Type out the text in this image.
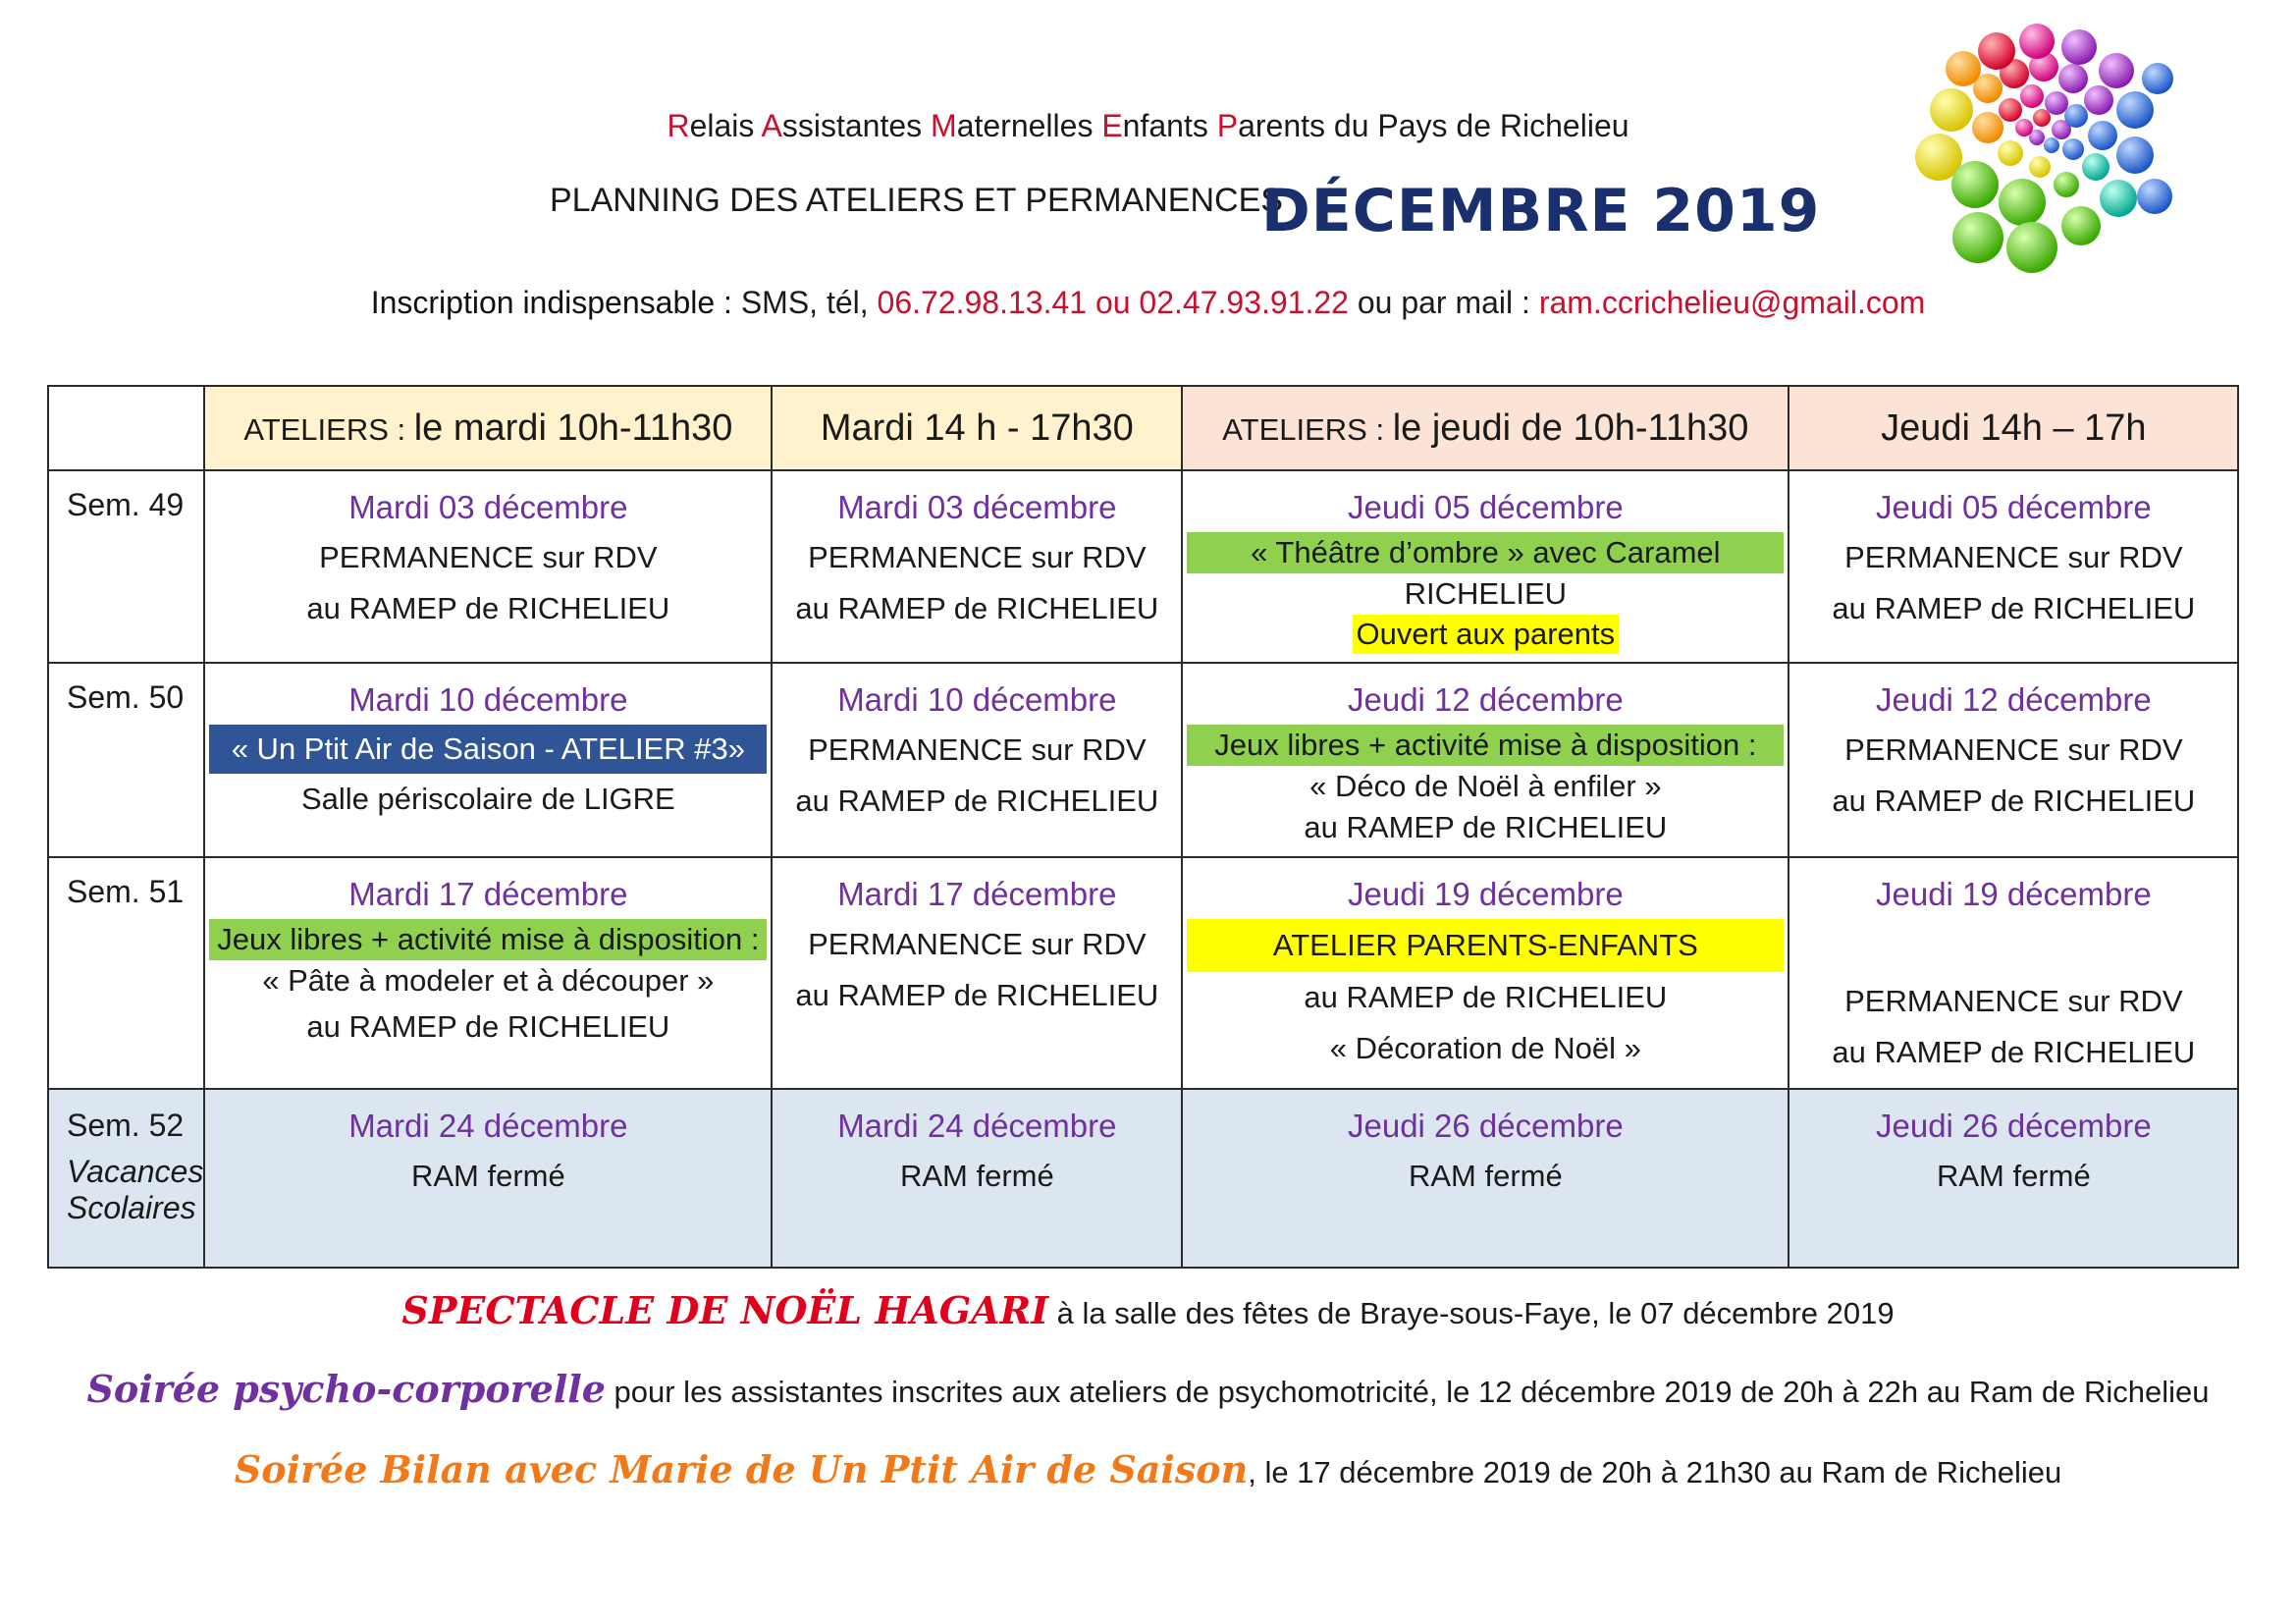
Relais Assistantes Maternelles Enfants Parents du Pays de Richelieu
PLANNING DES ATELIERS ET PERMANENCES
DÉCEMBRE 2019
Inscription indispensable : SMS, tél, 06.72.98.13.41 ou 02.47.93.91.22 ou par mail : ram.ccrichelieu@gmail.com
	ATELIERS : le mardi 10h-11h30	Mardi 14 h - 17h30	ATELIERS : le jeudi de 10h-11h30	Jeudi 14h – 17h
Sem. 49	Mardi 03 décembre
PERMANENCE sur RDV
au RAMEP de RICHELIEU	Mardi 03 décembre
PERMANENCE sur RDV
au RAMEP de RICHELIEU	Jeudi 05 décembre
« Théâtre d’ombre » avec Caramel
RICHELIEU
Ouvert aux parents	Jeudi 05 décembre
PERMANENCE sur RDV
au RAMEP de RICHELIEU

Sem. 50	Mardi 10 décembre
« Un Ptit Air de Saison - ATELIER #3»
Salle périscolaire de LIGRE	Mardi 10 décembre
PERMANENCE sur RDV
au RAMEP de RICHELIEU	Jeudi 12 décembre
Jeux libres + activité mise à disposition :
« Déco de Noël à enfiler »
au RAMEP de RICHELIEU	Jeudi 12 décembre
PERMANENCE sur RDV
au RAMEP de RICHELIEU

Sem. 51	Mardi 17 décembre
Jeux libres + activité mise à disposition :
« Pâte à modeler et à découper »
au RAMEP de RICHELIEU	Mardi 17 décembre
PERMANENCE sur RDV
au RAMEP de RICHELIEU	Jeudi 19 décembre
ATELIER PARENTS-ENFANTS
au RAMEP de RICHELIEU
« Décoration de Noël »	Jeudi 19 décembre
PERMANENCE sur RDV
au RAMEP de RICHELIEU

Sem. 52
Vacances
Scolaires	Mardi 24 décembre
RAM fermé	Mardi 24 décembre
RAM fermé	Jeudi 26 décembre
RAM fermé	Jeudi 26 décembre
RAM fermé
SPECTACLE DE NOËL HAGARI à la salle des fêtes de Braye-sous-Faye, le 07 décembre 2019
Soirée psycho-corporelle pour les assistantes inscrites aux ateliers de psychomotricité, le 12 décembre 2019 de 20h à 22h au Ram de Richelieu
Soirée Bilan avec Marie de Un Ptit Air de Saison, le 17 décembre 2019 de 20h à 21h30 au Ram de Richelieu
